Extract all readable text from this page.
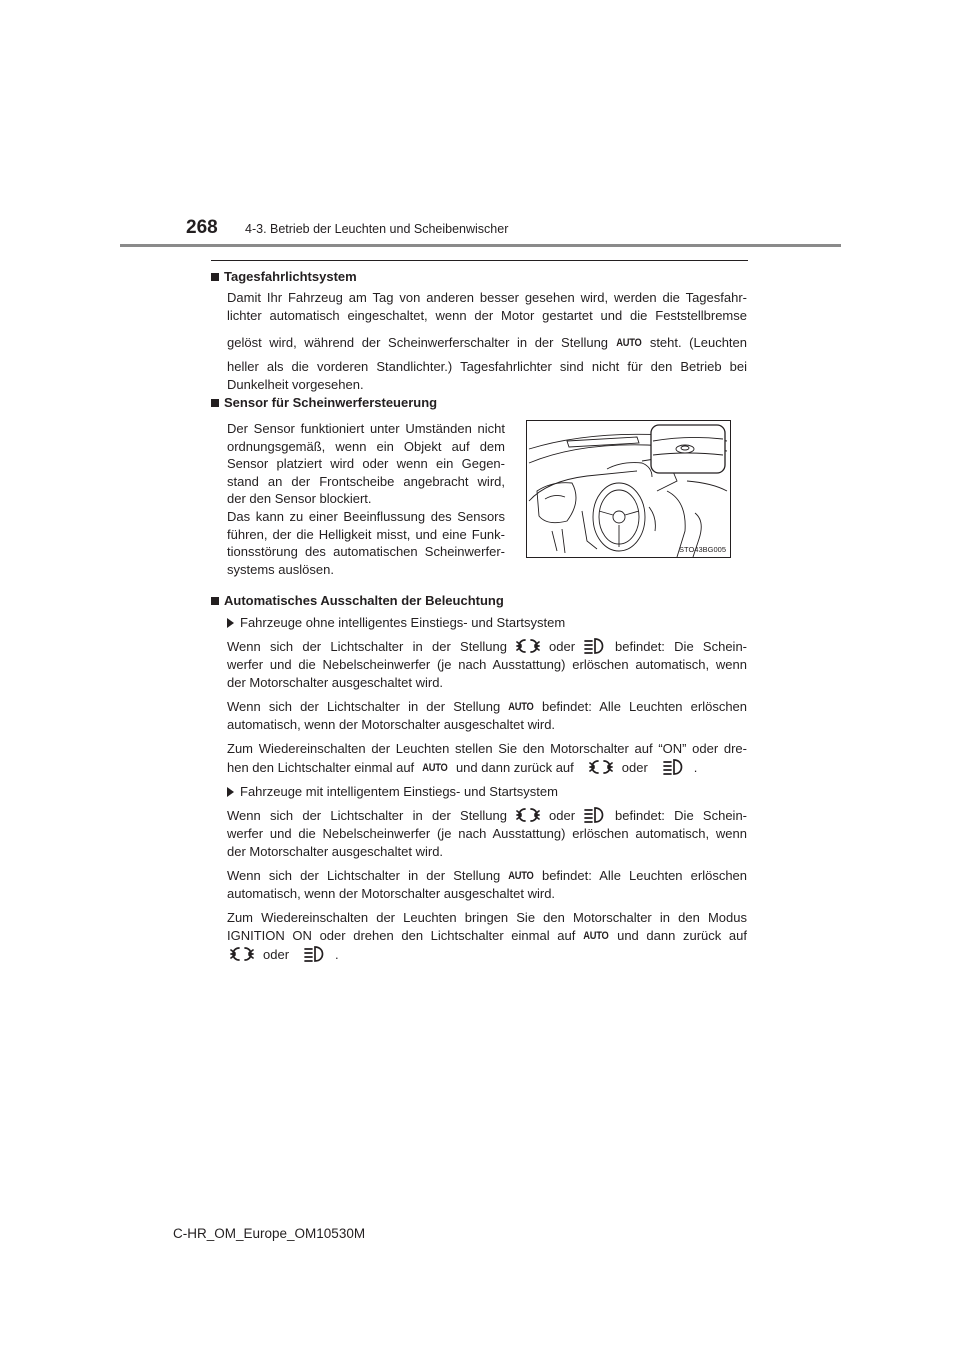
268 4-3. Betrieb der Leuchten und Scheibenwischer
Tagesfahrlichtsystem
Damit Ihr Fahrzeug am Tag von anderen besser gesehen wird, werden die Tagesfahr-
lichter automatisch eingeschaltet, wenn der Motor gestartet und die Feststellbremse
gelöst wird, während der Scheinwerferschalter in der Stellung AUTO steht. (Leuchten
heller als die vorderen Standlichter.) Tagesfahrlichter sind nicht für den Betrieb bei
Dunkelheit vorgesehen.
Sensor für Scheinwerfersteuerung
Der Sensor funktioniert unter Umständen nicht
ordnungsgemäß, wenn ein Objekt auf dem
Sensor platziert wird oder wenn ein Gegen-
stand an der Frontscheibe angebracht wird,
der den Sensor blockiert.
Das kann zu einer Beeinflussung des Sensors
führen, der die Helligkeit misst, und eine Funk-
tionsstörung des automatischen Scheinwerfer-
systems auslösen.
STO43BG005
Automatisches Ausschalten der Beleuchtung
Fahrzeuge ohne intelligentes Einstiegs- und Startsystem
Wenn sich der Lichtschalter in der Stellung	oder	befindet: Die Schein-
werfer und die Nebelscheinwerfer (je nach Ausstattung) erlöschen automatisch, wenn
der Motorschalter ausgeschaltet wird.
Wenn sich der Lichtschalter in der Stellung AUTO befindet: Alle Leuchten erlöschen
automatisch, wenn der Motorschalter ausgeschaltet wird.
Zum Wiedereinschalten der Leuchten stellen Sie den Motorschalter auf “ON” oder dre-
hen den Lichtschalter einmal auf AUTO und dann zurück auf	oder	.
Fahrzeuge mit intelligentem Einstiegs- und Startsystem
Wenn sich der Lichtschalter in der Stellung	oder	befindet: Die Schein-
werfer und die Nebelscheinwerfer (je nach Ausstattung) erlöschen automatisch, wenn
der Motorschalter ausgeschaltet wird.
Wenn sich der Lichtschalter in der Stellung AUTO befindet: Alle Leuchten erlöschen
automatisch, wenn der Motorschalter ausgeschaltet wird.
Zum Wiedereinschalten der Leuchten bringen Sie den Motorschalter in den Modus
IGNITION ON oder drehen den Lichtschalter einmal auf AUTO und dann zurück auf
oder	.
C-HR_OM_Europe_OM10530M
